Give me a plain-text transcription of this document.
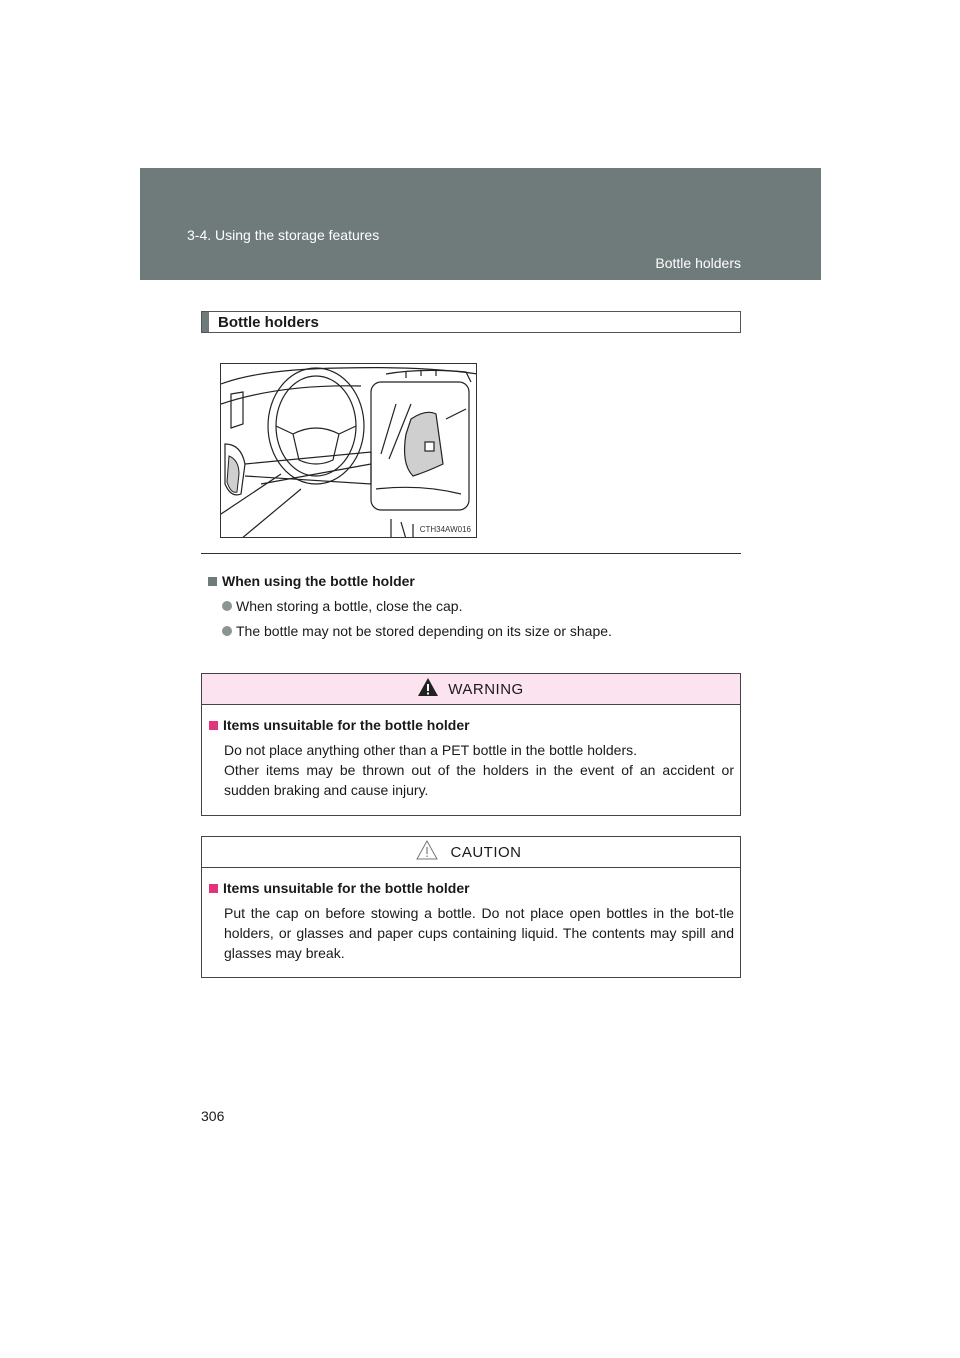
3-4. Using the storage features
Bottle holders
Bottle holders
CTH34AW016
When using the bottle holder
When storing a bottle, close the cap.
The bottle may not be stored depending on its size or shape.
WARNING
Items unsuitable for the bottle holder
Do not place anything other than a PET bottle in the bottle holders.
Other items may be thrown out of the holders in the event of an accident or sudden braking and cause injury.
CAUTION
Items unsuitable for the bottle holder
Put the cap on before stowing a bottle. Do not place open bottles in the bot-tle holders, or glasses and paper cups containing liquid. The contents may spill and glasses may break.
306
